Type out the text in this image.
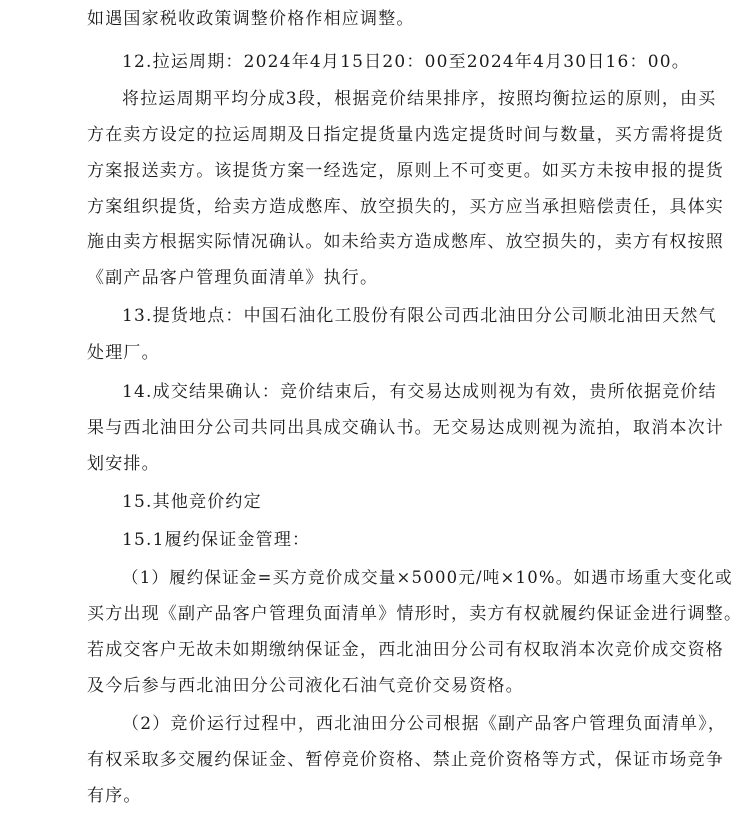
如遇国家税收政策调整价格作相应调整。
12.拉运周期：2024年4月15日20：00至2024年4月30日16：00。
将拉运周期平均分成3段，根据竞价结果排序，按照均衡拉运的原则，由买
方在卖方设定的拉运周期及日指定提货量内选定提货时间与数量，买方需将提货
方案报送卖方。该提货方案一经选定，原则上不可变更。如买方未按申报的提货
方案组织提货，给卖方造成憋库、放空损失的，买方应当承担赔偿责任，具体实
施由卖方根据实际情况确认。如未给卖方造成憋库、放空损失的，卖方有权按照
《副产品客户管理负面清单》执行。
13.提货地点：中国石油化工股份有限公司西北油田分公司顺北油田天然气
处理厂。
14.成交结果确认：竞价结束后，有交易达成则视为有效，贵所依据竞价结
果与西北油田分公司共同出具成交确认书。无交易达成则视为流拍，取消本次计
划安排。
15.其他竞价约定
15.1履约保证金管理：
（1）履约保证金=买方竞价成交量×5000元/吨×10%。如遇市场重大变化或
买方出现《副产品客户管理负面清单》情形时，卖方有权就履约保证金进行调整。
若成交客户无故未如期缴纳保证金，西北油田分公司有权取消本次竞价成交资格
及今后参与西北油田分公司液化石油气竞价交易资格。
（2）竞价运行过程中，西北油田分公司根据《副产品客户管理负面清单》，
有权采取多交履约保证金、暂停竞价资格、禁止竞价资格等方式，保证市场竞争
有序。
